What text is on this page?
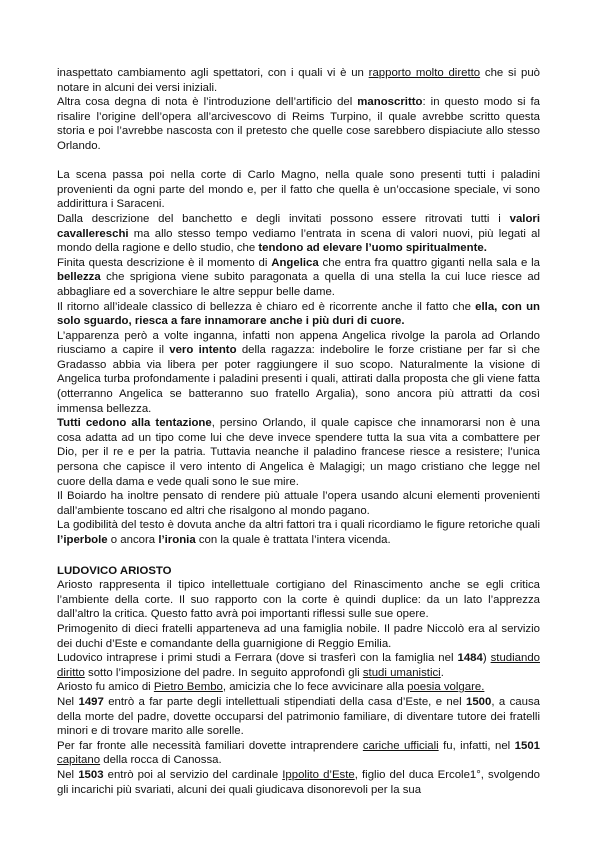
inaspettato cambiamento agli spettatori, con i quali vi è un rapporto molto diretto che si può notare in alcuni dei versi iniziali.

Altra cosa degna di nota è l’introduzione dell’artificio del manoscritto: in questo modo si fa risalire l’origine dell’opera all’arcivescovo di Reims Turpino, il quale avrebbe scritto questa storia e poi l’avrebbe nascosta con il pretesto che quelle cose sarebbero dispiaciute allo stesso Orlando.

La scena passa poi nella corte di Carlo Magno, nella quale sono presenti tutti i paladini provenienti da ogni parte del mondo e, per il fatto che quella è un’occasione speciale, vi sono addirittura i Saraceni.

Dalla descrizione del banchetto e degli invitati possono essere ritrovati tutti i valori cavallereschi ma allo stesso tempo vediamo l’entrata in scena di valori nuovi, più legati al mondo della ragione e dello studio, che tendono ad elevare l’uomo spiritualmente.

Finita questa descrizione è il momento di Angelica che entra fra quattro giganti nella sala e la bellezza che sprigiona viene subito paragonata a quella di una stella la cui luce riesce ad abbagliare ed a soverchiare le altre seppur belle dame.

Il ritorno all’ideale classico di bellezza è chiaro ed è ricorrente anche il fatto che ella, con un solo sguardo, riesca a fare innamorare anche i più duri di cuore.

L’apparenza però a volte inganna, infatti non appena Angelica rivolge la parola ad Orlando riusciamo a capire il vero intento della ragazza: indebolire le forze cristiane per far sì che Gradasso abbia via libera per poter raggiungere il suo scopo. Naturalmente la visione di Angelica turba profondamente i paladini presenti i quali, attirati dalla proposta che gli viene fatta (otterranno Angelica se batteranno suo fratello Argalia), sono ancora più attratti da così immensa bellezza.

Tutti cedono alla tentazione, persino Orlando, il quale capisce che innamorarsi non è una cosa adatta ad un tipo come lui che deve invece spendere tutta la sua vita a combattere per Dio, per il re e per la patria. Tuttavia neanche il paladino francese riesce a resistere; l’unica persona che capisce il vero intento di Angelica è Malagigi; un mago cristiano che legge nel cuore della dama e vede quali sono le sue mire.

Il Boiardo ha inoltre pensato di rendere più attuale l’opera usando alcuni elementi provenienti dall’ambiente toscano ed altri che risalgono al mondo pagano.

La godibilità del testo è dovuta anche da altri fattori tra i quali ricordiamo le figure retoriche quali l’iperbole o ancora l’ironia con la quale è trattata l’intera vicenda.

LUDOVICO ARIOSTO

Ariosto rappresenta il tipico intellettuale cortigiano del Rinascimento anche se egli critica l’ambiente della corte. Il suo rapporto con la corte è quindi duplice: da un lato l’apprezza dall’altro la critica. Questo fatto avrà poi importanti riflessi sulle sue opere.

Primogenito di dieci fratelli apparteneva ad una famiglia nobile. Il padre Niccolò era al servizio dei duchi d’Este e comandante della guarnigione di Reggio Emilia.

Ludovico intraprese i primi studi a Ferrara (dove si trasferì con la famiglia nel 1484) studiando diritto sotto l’imposizione del padre. In seguito approfondì gli studi umanistici.

Ariosto fu amico di Pietro Bembo, amicizia che lo fece avvicinare alla poesia volgare.

Nel 1497 entrò a far parte degli intellettuali stipendiati della casa d’Este, e nel 1500, a causa della morte del padre, dovette occuparsi del patrimonio familiare, di diventare tutore dei fratelli minori e di trovare marito alle sorelle.

Per far fronte alle necessità familiari dovette intraprendere cariche ufficiali fu, infatti, nel 1501 capitano della rocca di Canossa.

Nel 1503 entrò poi al servizio del cardinale Ippolito d’Este, figlio del duca Ercole1°, svolgendo gli incarichi più svariati, alcuni dei quali giudicava disonorevoli per la sua
